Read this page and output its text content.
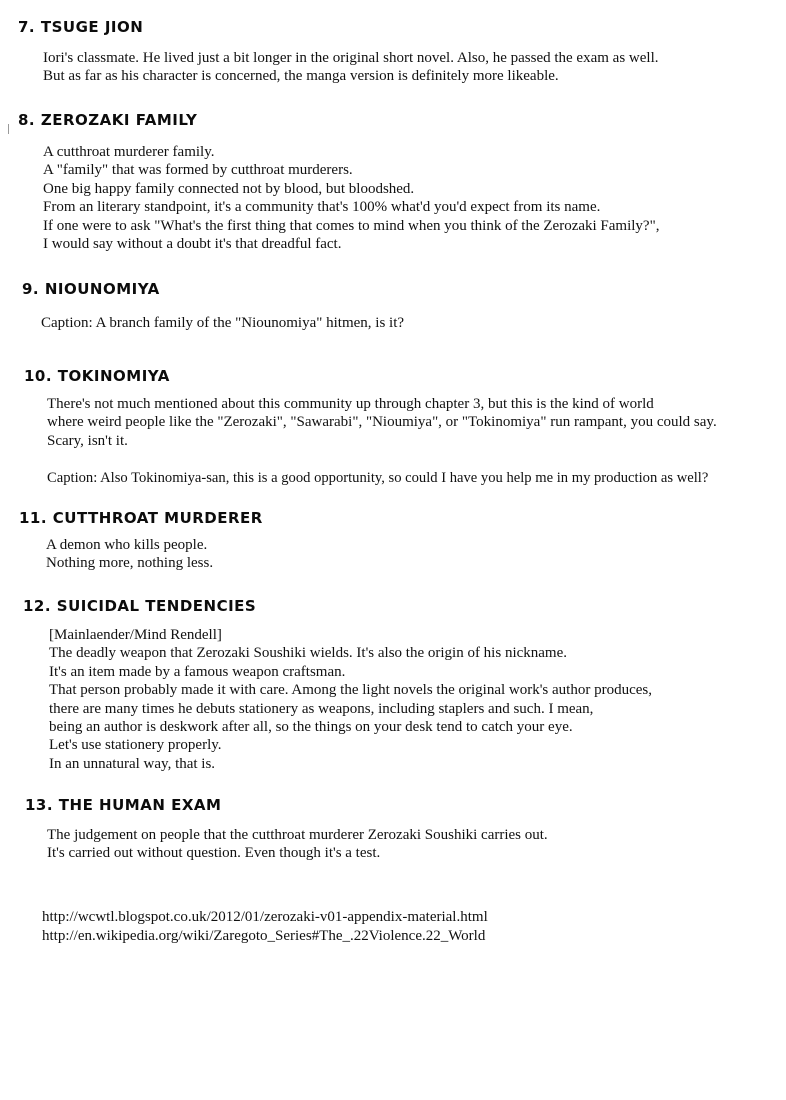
7. TSUGE JION
Iori's classmate. He lived just a bit longer in the original short novel. Also, he passed the exam as well.
But as far as his character is concerned, the manga version is definitely more likeable.
8. ZEROZAKI FAMILY
A cutthroat murderer family.
A "family" that was formed by cutthroat murderers.
One big happy family connected not by blood, but bloodshed.
From an literary standpoint, it's a community that's 100% what'd you'd expect from its name.
If one were to ask "What's the first thing that comes to mind when you think of the Zerozaki Family?",
I would say without a doubt it's that dreadful fact.
9. NIOUNOMIYA
Caption: A branch family of the "Niounomiya" hitmen, is it?
10. TOKINOMIYA
There's not much mentioned about this community up through chapter 3, but this is the kind of world
where weird people like the "Zerozaki", "Sawarabi", "Nioumiya", or "Tokinomiya" run rampant, you could say.
Scary, isn't it.
Caption: Also Tokinomiya-san, this is a good opportunity, so could I have you help me in my production as well?
11. CUTTHROAT MURDERER
A demon who kills people.
Nothing more, nothing less.
12. SUICIDAL TENDENCIES
[Mainlaender/Mind Rendell]
The deadly weapon that Zerozaki Soushiki wields. It's also the origin of his nickname.
It's an item made by a famous weapon craftsman.
That person probably made it with care. Among the light novels the original work's author produces,
there are many times he debuts stationery as weapons, including staplers and such. I mean,
being an author is deskwork after all, so the things on your desk tend to catch your eye.
Let's use stationery properly.
In an unnatural way, that is.
13. THE HUMAN EXAM
The judgement on people that the cutthroat murderer Zerozaki Soushiki carries out.
It's carried out without question. Even though it's a test.
http://wcwtl.blogspot.co.uk/2012/01/zerozaki-v01-appendix-material.html
http://en.wikipedia.org/wiki/Zaregoto_Series#The_.22Violence.22_World
